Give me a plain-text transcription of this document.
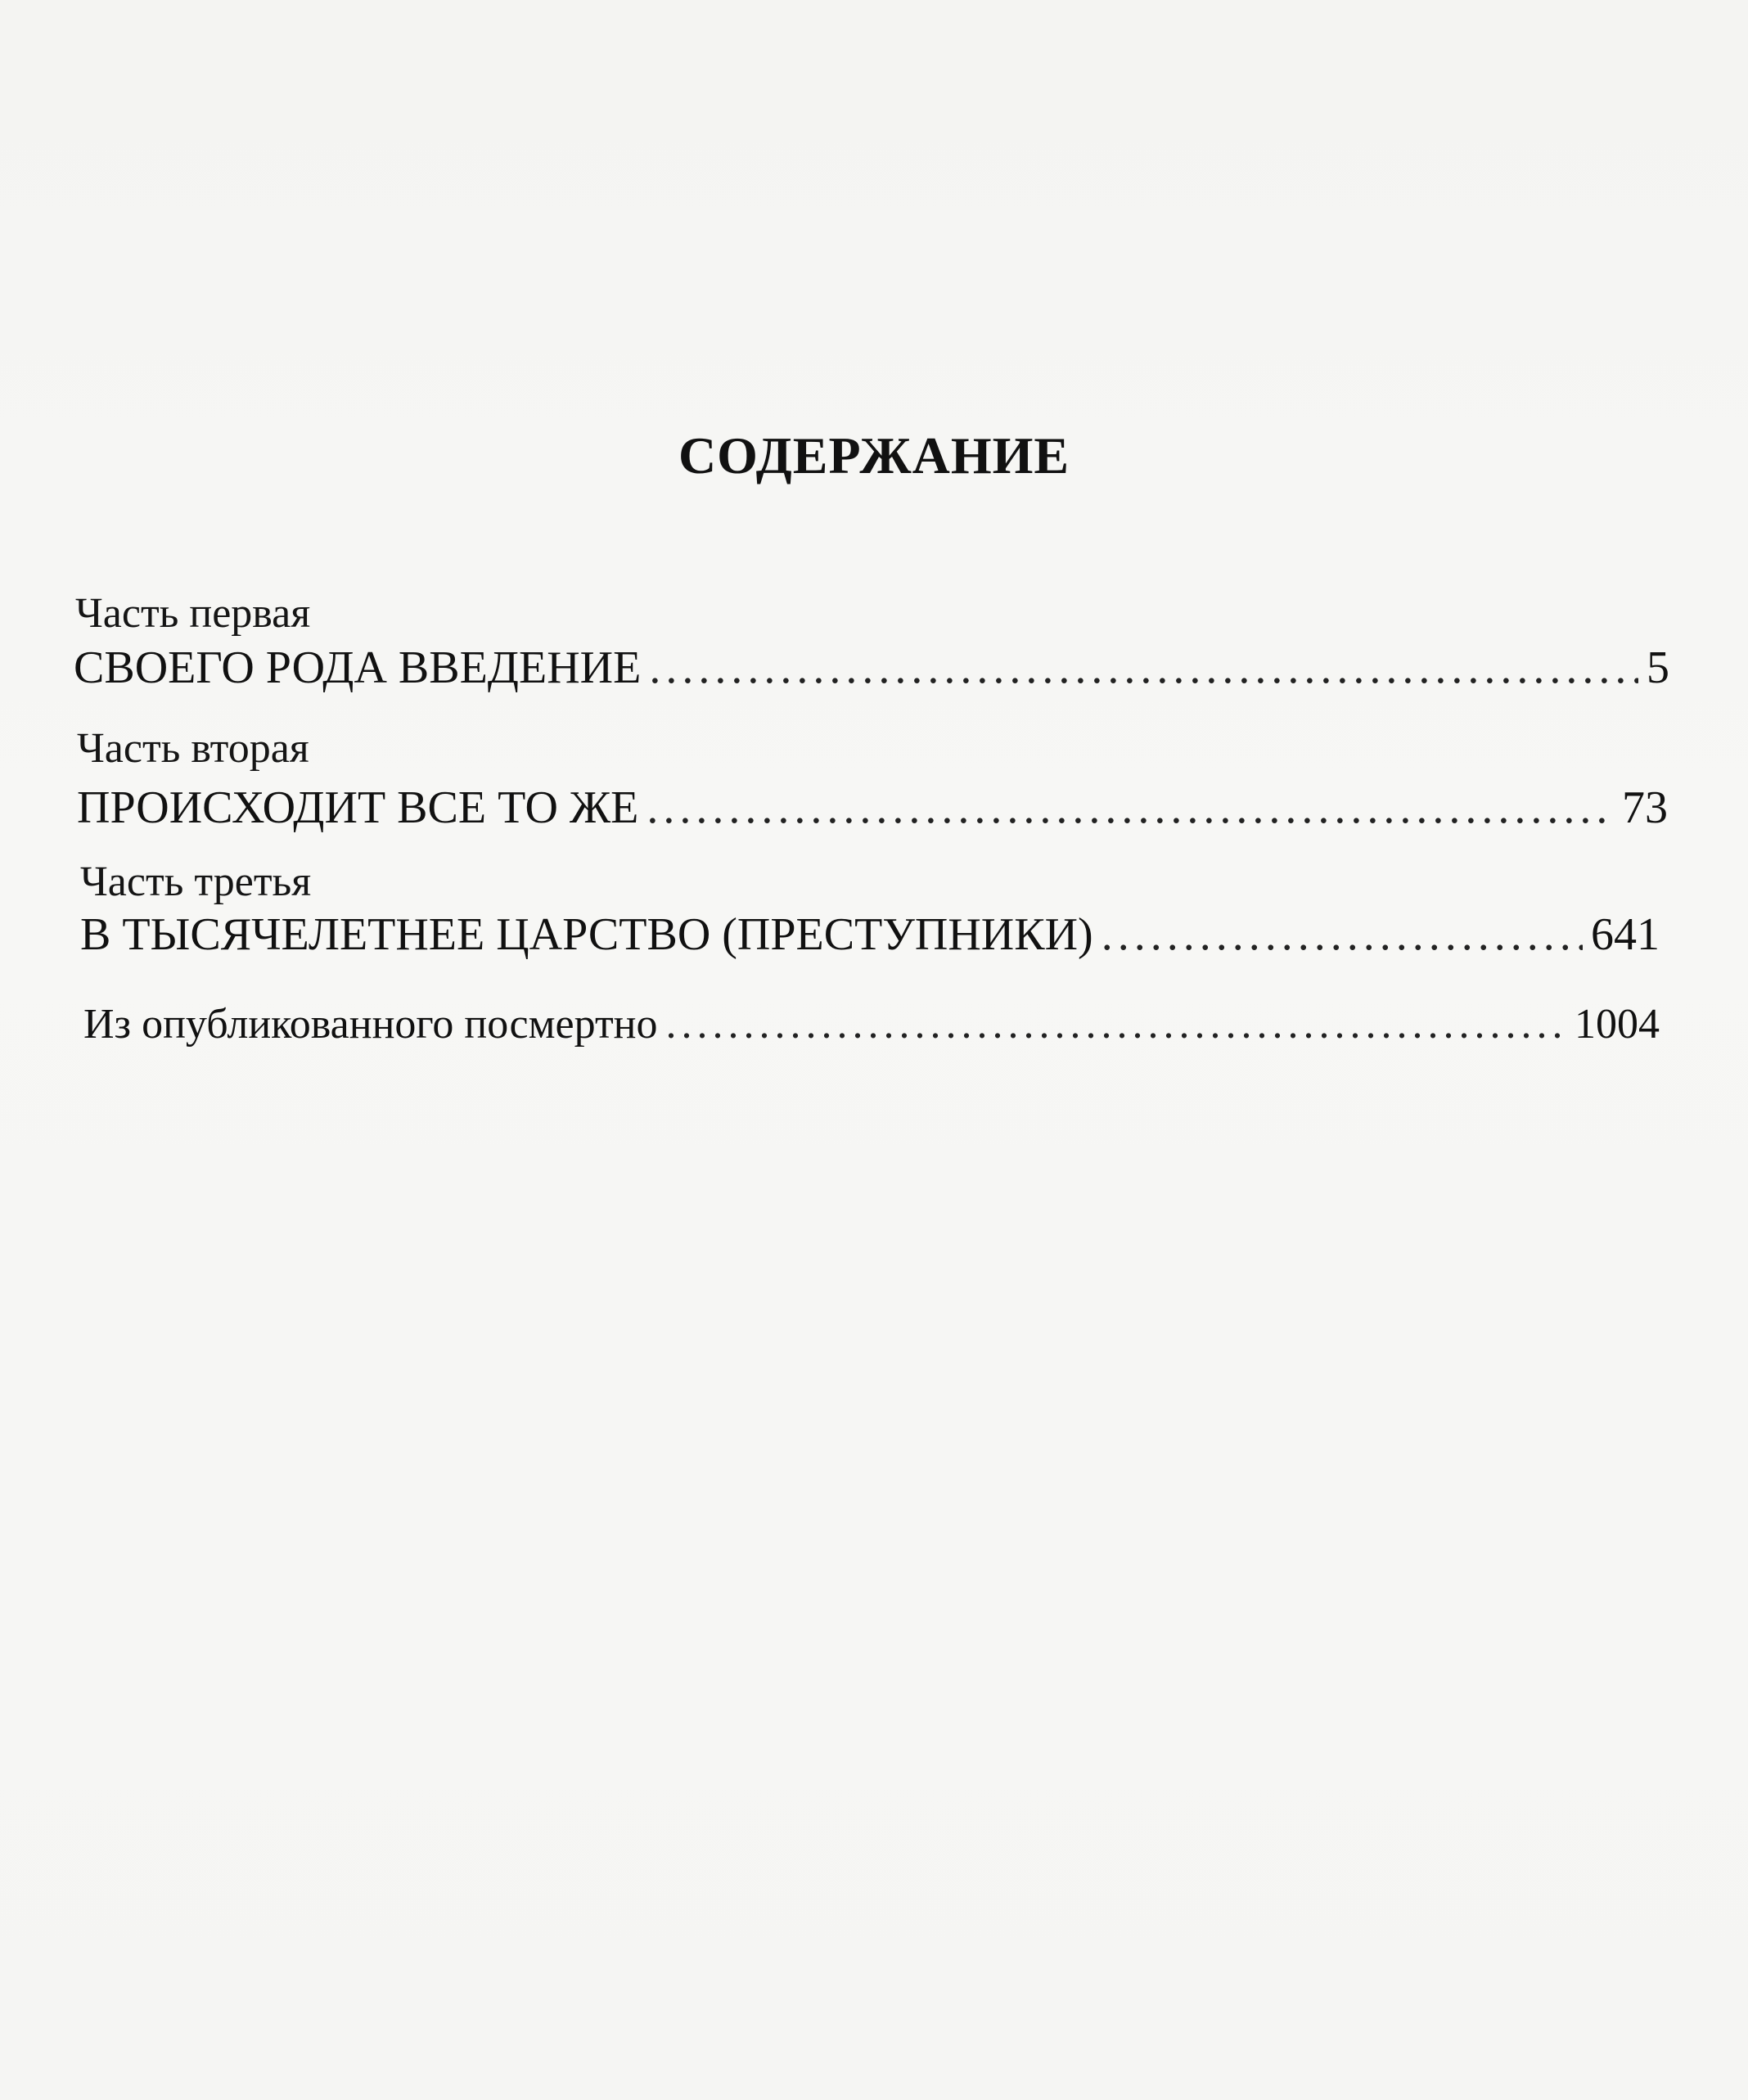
СОДЕРЖАНИЕ
Часть первая
СВОЕГО РОДА ВВЕДЕНИЕ .....	5
Часть вторая
ПРОИСХОДИТ ВСЕ ТО ЖЕ .....	73
Часть третья
В ТЫСЯЧЕЛЕТНЕЕ ЦАРСТВО (ПРЕСТУПНИКИ) .....	641
Из опубликованного посмертно .....	1004
